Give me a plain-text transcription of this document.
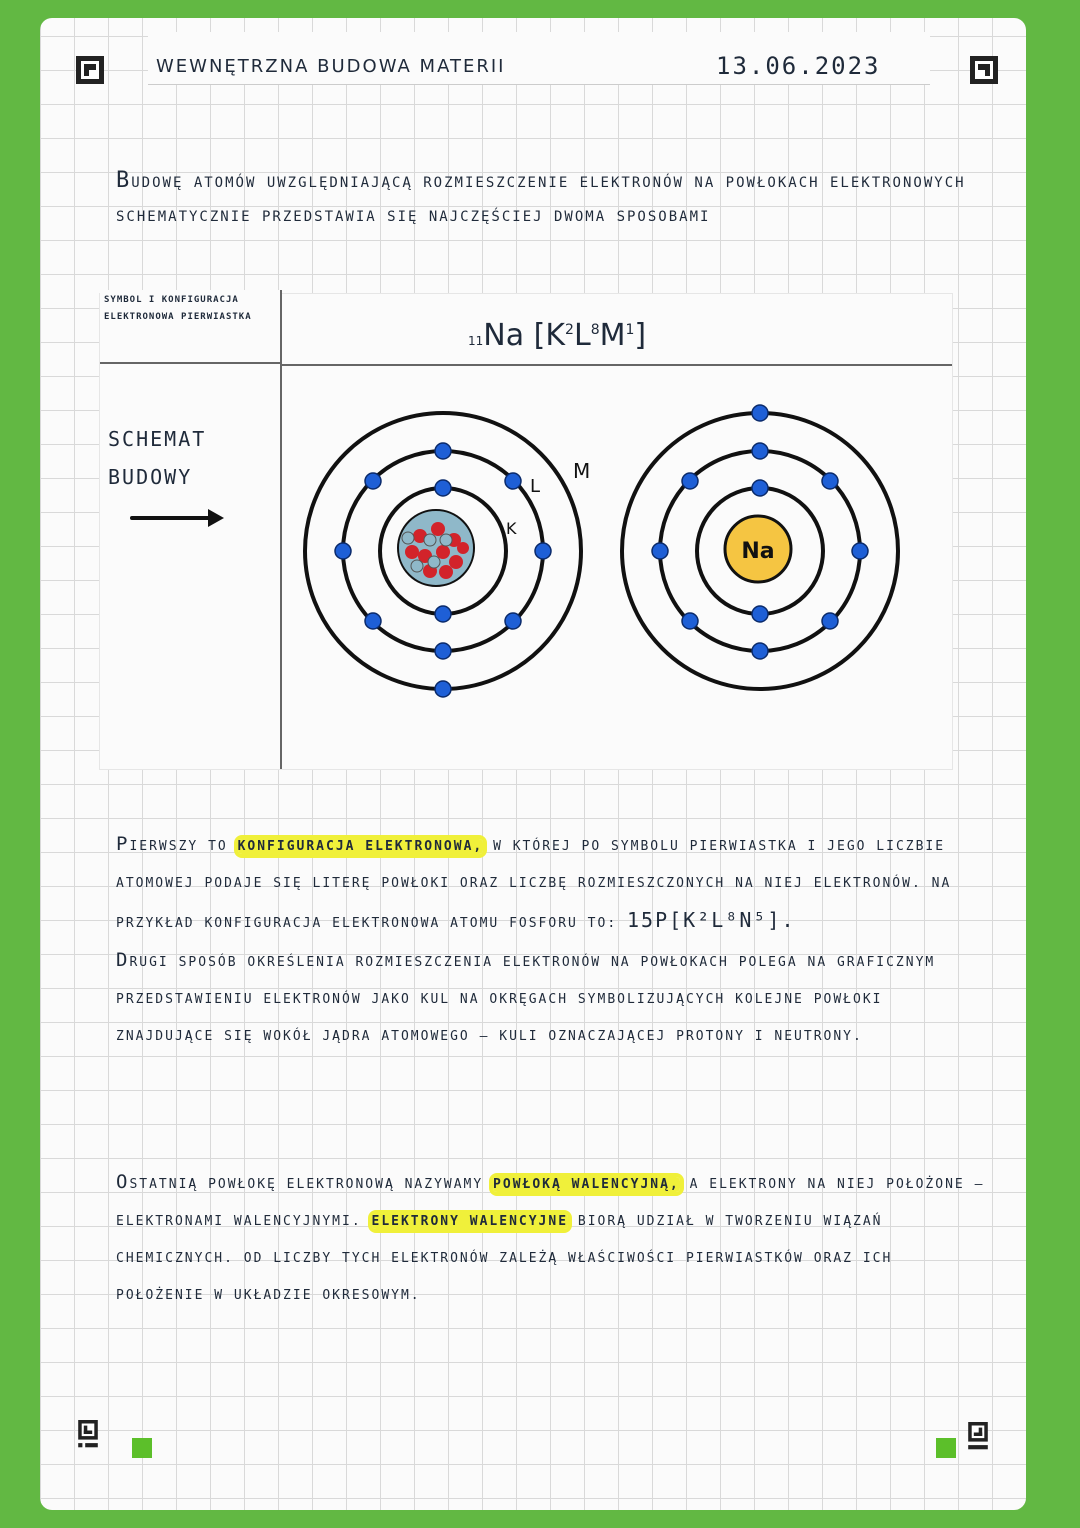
WEWNĘTRZNA BUDOWA MATERII	13.06.2023
BUDOWĘ ATOMÓW UWZGLĘDNIAJĄCĄ ROZMIESZCZENIE ELEKTRONÓW NA POWŁOKACH ELEKTRONOWYCH SCHEMATYCZNIE PRZEDSTAWIA SIĘ NAJCZĘŚCIEJ DWOMA SPOSOBAMI
SYMBOL I KONFIGURACJA ELEKTRONOWA PIERWIASTKA
11Na $[K^2L^8M^1]$
SCHEMAT
BUDOWY
K
L
M
Na
PIERWSZY TO KONFIGURACJA ELEKTRONOWA, W KTÓREJ PO SYMBOLU PIERWIASTKA I JEGO LICZBIE ATOMOWEJ PODAJE SIĘ LITERĘ POWŁOKI ORAZ LICZBĘ ROZMIESZCZONYCH NA NIEJ ELEKTRONÓW. NA PRZYKŁAD KONFIGURACJA ELEKTRONOWA ATOMU FOSFORU TO: 15P[K²L⁸N⁵].
DRUGI SPOSÓB OKREŚLENIA ROZMIESZCZENIA ELEKTRONÓW NA POWŁOKACH POLEGA NA GRAFICZNYM PRZEDSTAWIENIU ELEKTRONÓW JAKO KUL NA OKRĘGACH SYMBOLIZUJĄCYCH KOLEJNE POWŁOKI ZNAJDUJĄCE SIĘ WOKÓŁ JĄDRA ATOMOWEGO — KULI OZNACZAJĄCEJ PROTONY I NEUTRONY.
OSTATNIĄ POWŁOKĘ ELEKTRONOWĄ NAZYWAMY POWŁOKĄ WALENCYJNĄ, A ELEKTRONY NA NIEJ POŁOŻONE — ELEKTRONAMI WALENCYJNYMI. ELEKTRONY WALENCYJNE BIORĄ UDZIAŁ W TWORZENIU WIĄZAŃ CHEMICZNYCH. OD LICZBY TYCH ELEKTRONÓW ZALEŻĄ WŁAŚCIWOŚCI PIERWIASTKÓW ORAZ ICH POŁOŻENIE W UKŁADZIE OKRESOWYM.
